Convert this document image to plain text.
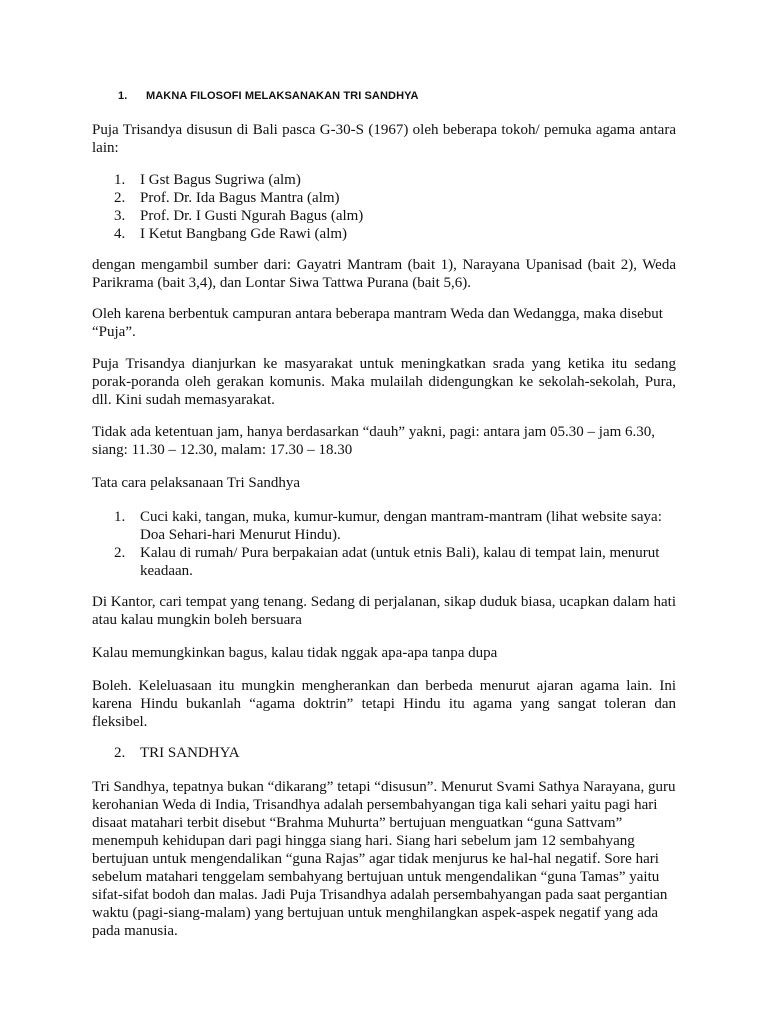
1. MAKNA FILOSOFI MELAKSANAKAN TRI SANDHYA

Puja Trisandya disusun di Bali pasca G-30-S (1967) oleh beberapa tokoh/ pemuka agama antara lain:

1. I Gst Bagus Sugriwa (alm)
2. Prof. Dr. Ida Bagus Mantra (alm)
3. Prof. Dr. I Gusti Ngurah Bagus (alm)
4. I Ketut Bangbang Gde Rawi (alm)

dengan mengambil sumber dari: Gayatri Mantram (bait 1), Narayana Upanisad (bait 2), Weda Parikrama (bait 3,4), dan Lontar Siwa Tattwa Purana (bait 5,6).

Oleh karena berbentuk campuran antara beberapa mantram Weda dan Wedangga, maka disebut “Puja”.

Puja Trisandya dianjurkan ke masyarakat untuk meningkatkan srada yang ketika itu sedang porak-poranda oleh gerakan komunis. Maka mulailah didengungkan ke sekolah-sekolah, Pura, dll. Kini sudah memasyarakat.

Tidak ada ketentuan jam, hanya berdasarkan “dauh” yakni, pagi: antara jam 05.30 – jam 6.30, siang: 11.30 – 12.30, malam: 17.30 – 18.30

Tata cara pelaksanaan Tri Sandhya

1. Cuci kaki, tangan, muka, kumur-kumur, dengan mantram-mantram (lihat website saya: Doa Sehari-hari Menurut Hindu).
2. Kalau di rumah/ Pura berpakaian adat (untuk etnis Bali), kalau di tempat lain, menurut keadaan.

Di Kantor, cari tempat yang tenang. Sedang di perjalanan, sikap duduk biasa, ucapkan dalam hati atau kalau mungkin boleh bersuara

Kalau memungkinkan bagus, kalau tidak nggak apa-apa tanpa dupa

Boleh. Keleluasaan itu mungkin mengherankan dan berbeda menurut ajaran agama lain. Ini karena Hindu bukanlah “agama doktrin” tetapi Hindu itu agama yang sangat toleran dan fleksibel.

2. TRI SANDHYA

Tri Sandhya, tepatnya bukan “dikarang” tetapi “disusun”. Menurut Svami Sathya Narayana, guru kerohanian Weda di India, Trisandhya adalah persembahyangan tiga kali sehari yaitu pagi hari disaat matahari terbit disebut “Brahma Muhurta” bertujuan menguatkan “guna Sattvam” menempuh kehidupan dari pagi hingga siang hari. Siang hari sebelum jam 12 sembahyang bertujuan untuk mengendalikan “guna Rajas” agar tidak menjurus ke hal-hal negatif. Sore hari sebelum matahari tenggelam sembahyang bertujuan untuk mengendalikan “guna Tamas” yaitu sifat-sifat bodoh dan malas. Jadi Puja Trisandhya adalah persembahyangan pada saat pergantian waktu (pagi-siang-malam) yang bertujuan untuk menghilangkan aspek-aspek negatif yang ada pada manusia.
